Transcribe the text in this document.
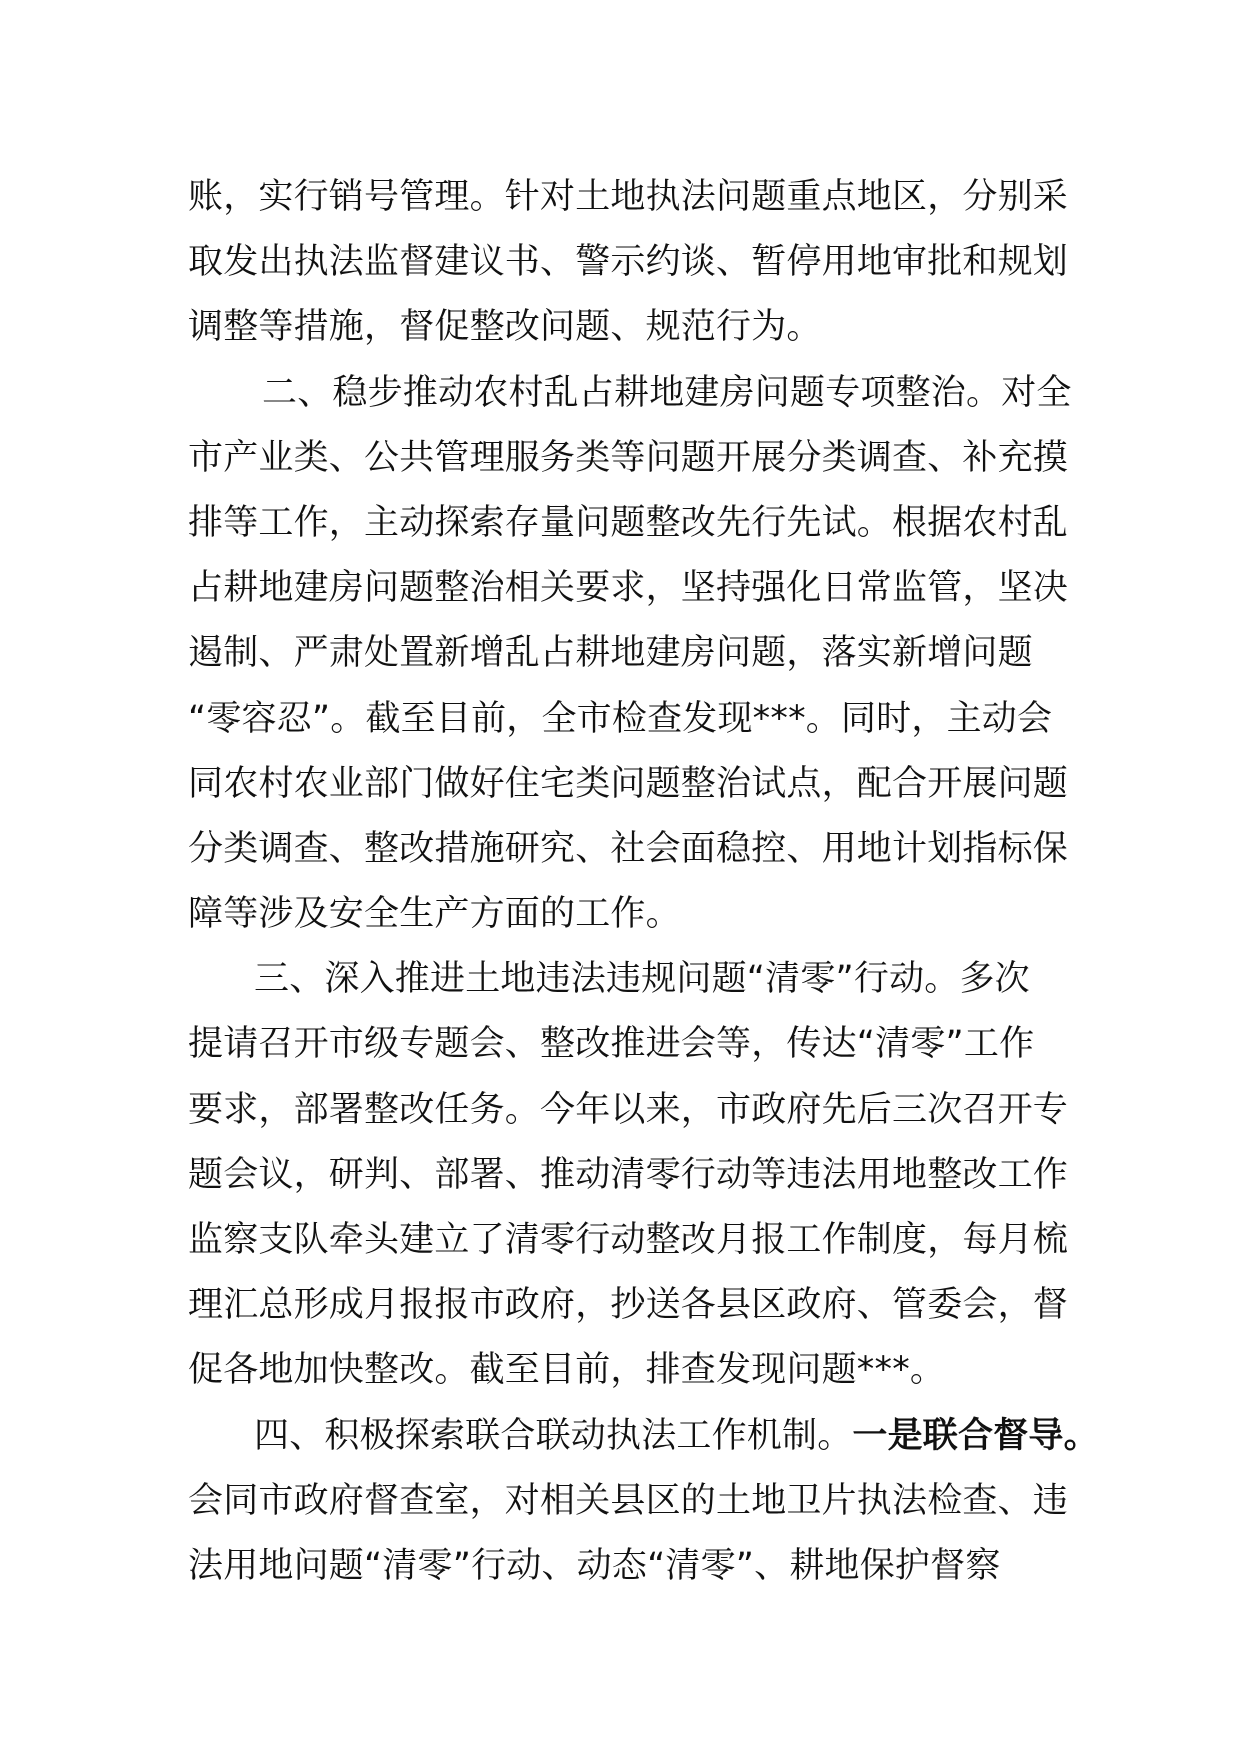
账，实行销号管理。针对土地执法问题重点地区，分别采
取发出执法监督建议书、警示约谈、暂停用地审批和规划
调整等措施，督促整改问题、规范行为。
二、稳步推动农村乱占耕地建房问题专项整治。对全
市产业类、公共管理服务类等问题开展分类调查、补充摸
排等工作，主动探索存量问题整改先行先试。根据农村乱
占耕地建房问题整治相关要求，坚持强化日常监管，坚决
遏制、严肃处置新增乱占耕地建房问题，落实新增问题
“零容忍”。截至目前，全市检查发现***。同时，主动会
同农村农业部门做好住宅类问题整治试点，配合开展问题
分类调查、整改措施研究、社会面稳控、用地计划指标保
障等涉及安全生产方面的工作。
三、深入推进土地违法违规问题“清零”行动。多次
提请召开市级专题会、整改推进会等，传达“清零”工作
要求，部署整改任务。今年以来，市政府先后三次召开专
题会议，研判、部署、推动清零行动等违法用地整改工作
监察支队牵头建立了清零行动整改月报工作制度，每月梳
理汇总形成月报报市政府，抄送各县区政府、管委会，督
促各地加快整改。截至目前，排查发现问题***。
四、积极探索联合联动执法工作机制。一是联合督导。
会同市政府督查室，对相关县区的土地卫片执法检查、违
法用地问题“清零”行动、动态“清零”、耕地保护督察
